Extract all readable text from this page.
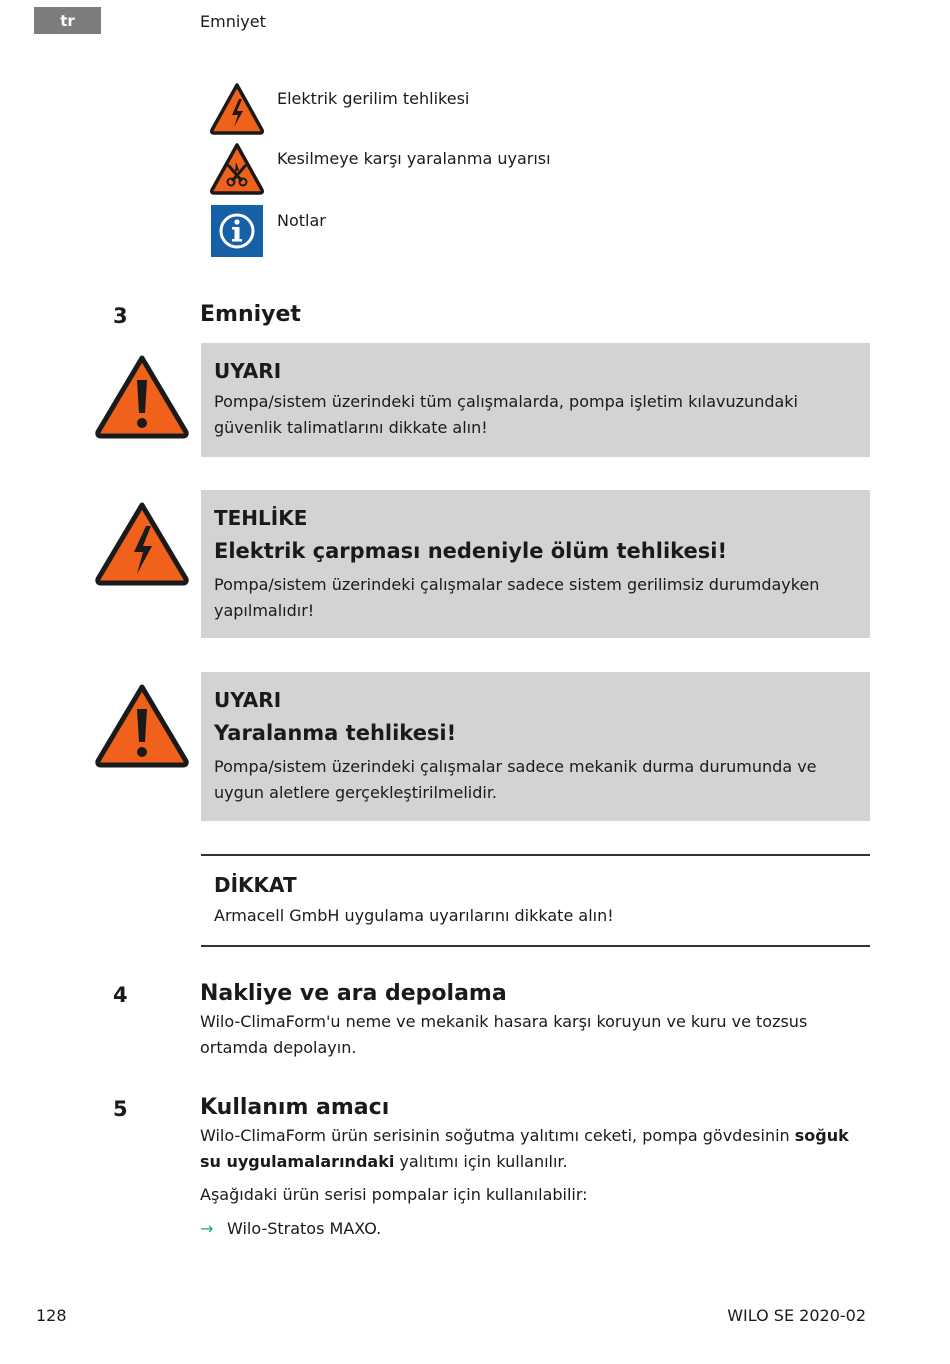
tr	Emniyet
Elektrik gerilim tehlikesi
Kesilmeye karşı yaralanma uyarısı
Notlar
3	Emniyet
UYARI
Pompa/sistem üzerindeki tüm çalışmalarda, pompa işletim kılavuzundaki güvenlik talimatlarını dikkate alın!
TEHLİKE
Elektrik çarpması nedeniyle ölüm tehlikesi!
Pompa/sistem üzerindeki çalışmalar sadece sistem gerilimsiz durumdayken yapılmalıdır!
UYARI
Yaralanma tehlikesi!
Pompa/sistem üzerindeki çalışmalar sadece mekanik durma durumunda ve uygun aletlere gerçekleştirilmelidir.
DİKKAT
Armacell GmbH uygulama uyarılarını dikkate alın!
4	Nakliye ve ara depolama
Wilo-ClimaForm'u neme ve mekanik hasara karşı koruyun ve kuru ve tozsus ortamda depolayın.
5	Kullanım amacı
Wilo-ClimaForm ürün serisinin soğutma yalıtımı ceketi, pompa gövdesinin soğuk su uygulamalarındaki yalıtımı için kullanılır.
Aşağıdaki ürün serisi pompalar için kullanılabilir:
→ Wilo-Stratos MAXO.
128	WILO SE 2020-02
